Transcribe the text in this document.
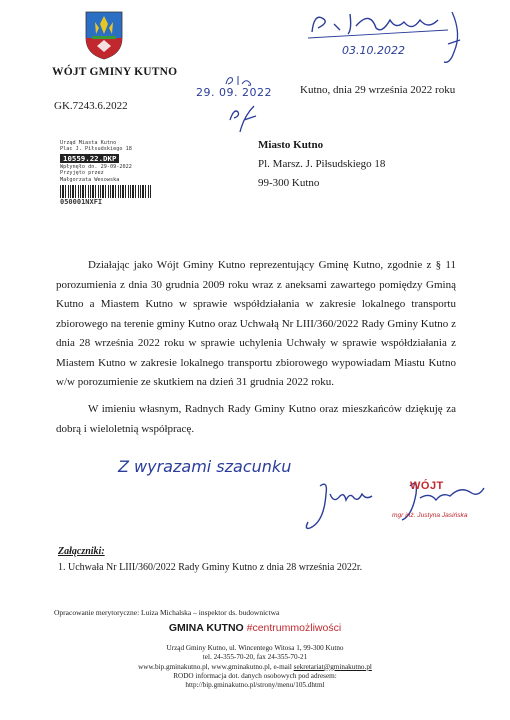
WÓJT GMINY KUTNO
GK.7243.6.2022
Kutno, dnia 29 września 2022 roku
03.10.2022
29. 09. 2022
Miasto Kutno
Pl. Marsz. J. Piłsudskiego 18
99-300 Kutno
Urząd Miasta Kutno
Plac J. Piłsudskiego 18
10559.22.DKP
Wpłynęło dn. 29-09-2022
Przyjęto przez
Małgorzata Wesowska
050001NXFI

Działając jako Wójt Gminy Kutno reprezentujący Gminę Kutno, zgodnie z § 11 porozumienia z dnia 30 grudnia 2009 roku wraz z aneksami zawartego pomiędzy Gminą Kutno a Miastem Kutno w sprawie współdziałania w zakresie lokalnego transportu zbiorowego na terenie gminy Kutno oraz Uchwałą Nr LIII/360/2022 Rady Gminy Kutno z dnia 28 września 2022 roku w sprawie uchylenia Uchwały w sprawie współdziałania z Miastem Kutno w zakresie lokalnego transportu zbiorowego wypowiadam Miastu Kutno w/w porozumienie ze skutkiem na dzień 31 grudnia 2022 roku.

W imieniu własnym, Radnych Rady Gminy Kutno oraz mieszkańców dziękuję za dobrą i wieloletnią współpracę.

Z wyrazami szacunku
WÓJT
mgr inż. Justyna Jasińska
Załączniki:
1. Uchwała Nr LIII/360/2022 Rady Gminy Kutno z dnia 28 września 2022r.
Opracowanie merytoryczne: Luiza Michalska – inspektor ds. budownictwa
GMINA KUTNO #centrummożliwości
Urząd Gminy Kutno, ul. Wincentego Witosa 1, 99-300 Kutno
tel. 24-355-70-20, fax 24-355-70-21
www.bip.gminakutno.pl, www.gminakutno.pl, e-mail sekretariat@gminakutno.pl
RODO informacja dot. danych osobowych pod adresem:
http://bip.gminakutno.pl/strony/menu/105.dhtml
